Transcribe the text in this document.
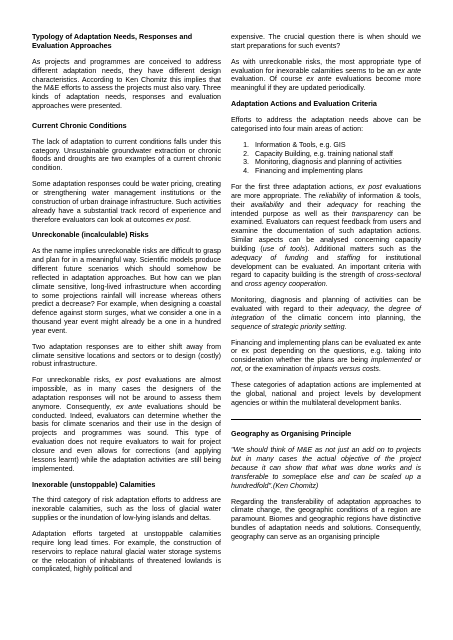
Typology of Adaptation Needs, Responses and Evaluation Approaches

As projects and programmes are conceived to address different adaptation needs, they have different design characteristics. According to Ken Chomitz this implies that the M&E efforts to assess the projects must also vary. Three kinds of adaptation needs, responses and evaluation approaches were presented.

Current Chronic Conditions

The lack of adaptation to current conditions falls under this category. Unsustainable groundwater extraction or chronic floods and droughts are two examples of a current chronic condition.

Some adaptation responses could be water pricing, creating or strengthening water management institutions or the construction of urban drainage infrastructure. Such activities already have a substantial track record of experience and therefore evaluators can look at outcomes ex post.

Unreckonable (incalculable) Risks

As the name implies unreckonable risks are difficult to grasp and plan for in a meaningful way. Scientific models produce different future scenarios which should somehow be reflected in adaptation approaches. But how can we plan climate sensitive, long-lived infrastructure when according to some projections rainfall will increase whereas others predict a decrease? For example, when designing a coastal defence against storm surges, what we consider a one in a thousand year event might already be a one in a hundred year event.

Two adaptation responses are to either shift away from climate sensitive locations and sectors or to design (costly) robust infrastructure.

For unreckonable risks, ex post evaluations are almost impossible, as in many cases the designers of the adaptation responses will not be around to assess them anymore. Consequently, ex ante evaluations should be conducted. Indeed, evaluators can determine whether the basis for climate scenarios and their use in the design of projects and programmes was sound. This type of evaluation does not require evaluators to wait for project closure and even allows for corrections (and applying lessons learnt) while the adaptation activities are still being implemented.

Inexorable (unstoppable) Calamities

The third category of risk adaptation efforts to address are inexorable calamities, such as the loss of glacial water supplies or the inundation of low-lying islands and deltas.

Adaptation efforts targeted at unstoppable calamities require long lead times. For example, the construction of reservoirs to replace natural glacial water storage systems or the relocation of inhabitants of threatened lowlands is complicated, highly political and

expensive. The crucial question there is when should we start preparations for such events?

As with unreckonable risks, the most appropriate type of evaluation for inexorable calamities seems to be an ex ante evaluation. Of course ex ante evaluations become more meaningful if they are updated periodically.

Adaptation Actions and Evaluation Criteria

Efforts to address the adaptation needs above can be categorised into four main areas of action:

1. Information & Tools, e.g. GIS
2. Capacity Building, e.g. training national staff
3. Monitoring, diagnosis and planning of activities
4. Financing and implementing plans

For the first three adaptation actions, ex post evaluations are more appropriate. The reliability of information & tools, their availability and their adequacy for reaching the intended purpose as well as their transparency can be examined. Evaluators can request feedback from users and examine the documentation of such adaptation actions. Similar aspects can be analysed concerning capacity building (use of tools). Additional matters such as the adequacy of funding and staffing for institutional development can be evaluated. An important criteria with regard to capacity building is the strength of cross-sectoral and cross agency cooperation.

Monitoring, diagnosis and planning of activities can be evaluated with regard to their adequacy, the degree of integration of the climatic concern into planning, the sequence of strategic priority setting.

Financing and implementing plans can be evaluated ex ante or ex post depending on the questions, e.g. taking into consideration whether the plans are being implemented or not, or the examination of impacts versus costs.

These categories of adaptation actions are implemented at the global, national and project levels by development agencies or within the multilateral development banks.

Geography as Organising Principle

"We should think of M&E as not just an add on to projects but in many cases the actual objective of the project because it can show that what was done works and is transferable to someplace else and can be scaled up a hundredfold".(Ken Chomitz)

Regarding the transferability of adaptation approaches to climate change, the geographic conditions of a region are paramount. Biomes and geographic regions have distinctive bundles of adaptation needs and solutions. Consequently, geography can serve as an organising principle
